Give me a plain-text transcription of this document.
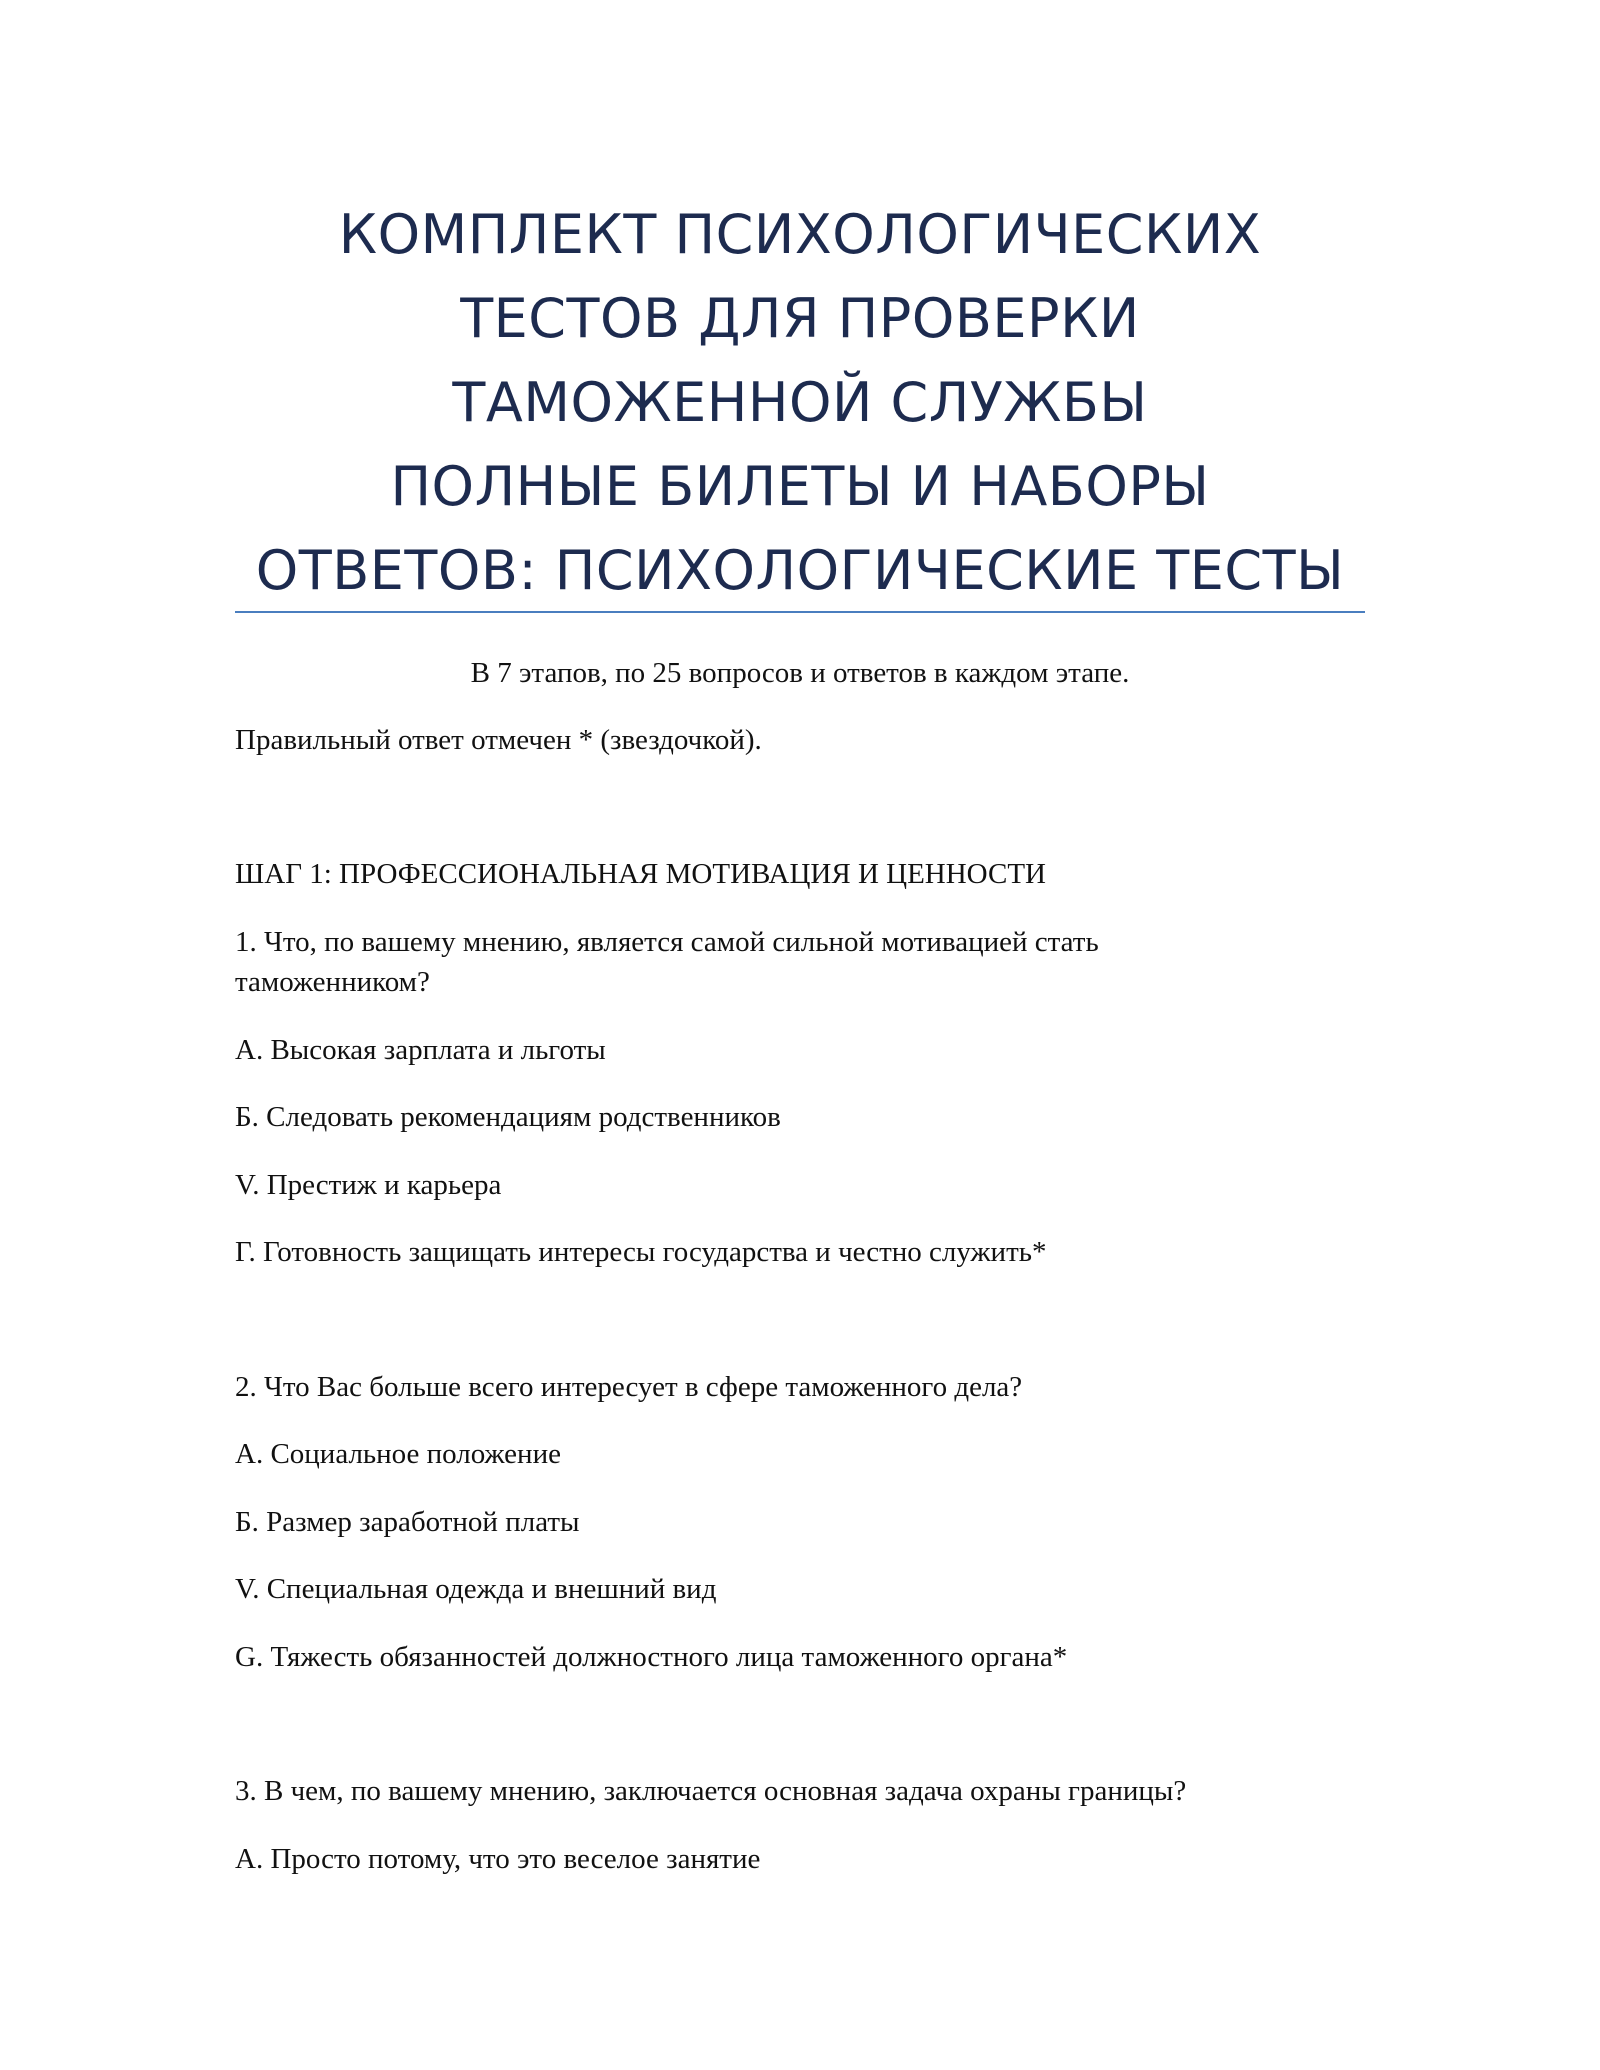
КОМПЛЕКТ ПСИХОЛОГИЧЕСКИХ
ТЕСТОВ ДЛЯ ПРОВЕРКИ
ТАМОЖЕННОЙ СЛУЖБЫ
ПОЛНЫЕ БИЛЕТЫ И НАБОРЫ
ОТВЕТОВ: ПСИХОЛОГИЧЕСКИЕ ТЕСТЫ
В 7 этапов, по 25 вопросов и ответов в каждом этапе.
Правильный ответ отмечен * (звездочкой).
ШАГ 1: ПРОФЕССИОНАЛЬНАЯ МОТИВАЦИЯ И ЦЕННОСТИ
1. Что, по вашему мнению, является самой сильной мотивацией стать таможенником?
А. Высокая зарплата и льготы
Б. Следовать рекомендациям родственников
V. Престиж и карьера
Г. Готовность защищать интересы государства и честно служить*
2. Что Вас больше всего интересует в сфере таможенного дела?
А. Социальное положение
Б. Размер заработной платы
V. Специальная одежда и внешний вид
G. Тяжесть обязанностей должностного лица таможенного органа*
3. В чем, по вашему мнению, заключается основная задача охраны границы?
А. Просто потому, что это веселое занятие
